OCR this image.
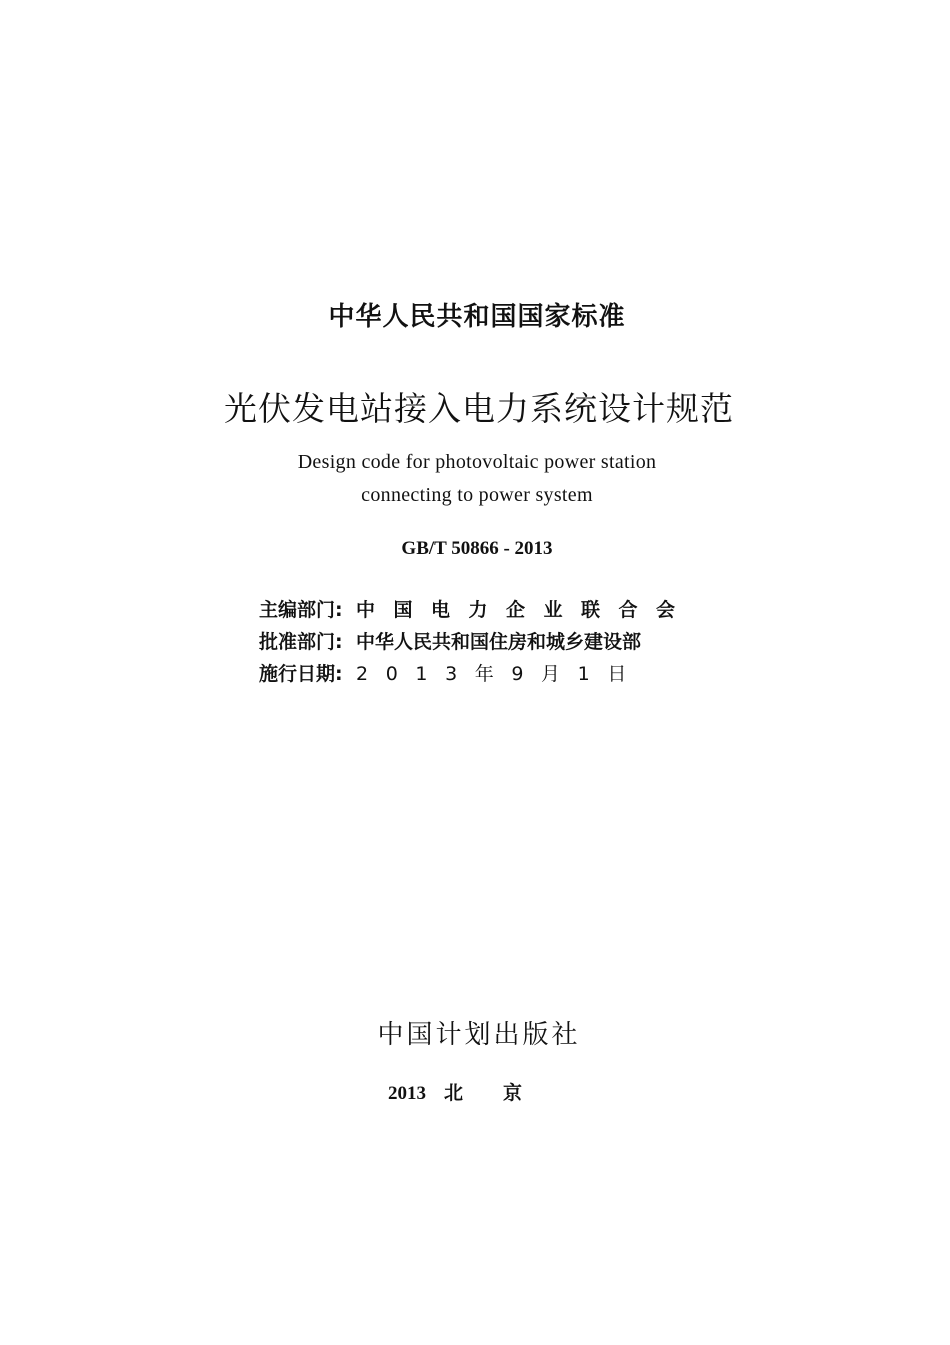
中华人民共和国国家标准
光伏发电站接入电力系统设计规范
Design code for photovoltaic power station
connecting to power system
GB/T 50866 - 2013
主编部门: 中国电力企业联合会
批准部门: 中华人民共和国住房和城乡建设部
施行日期: 2013年9月1日
中国计划出版社
2013 北京
